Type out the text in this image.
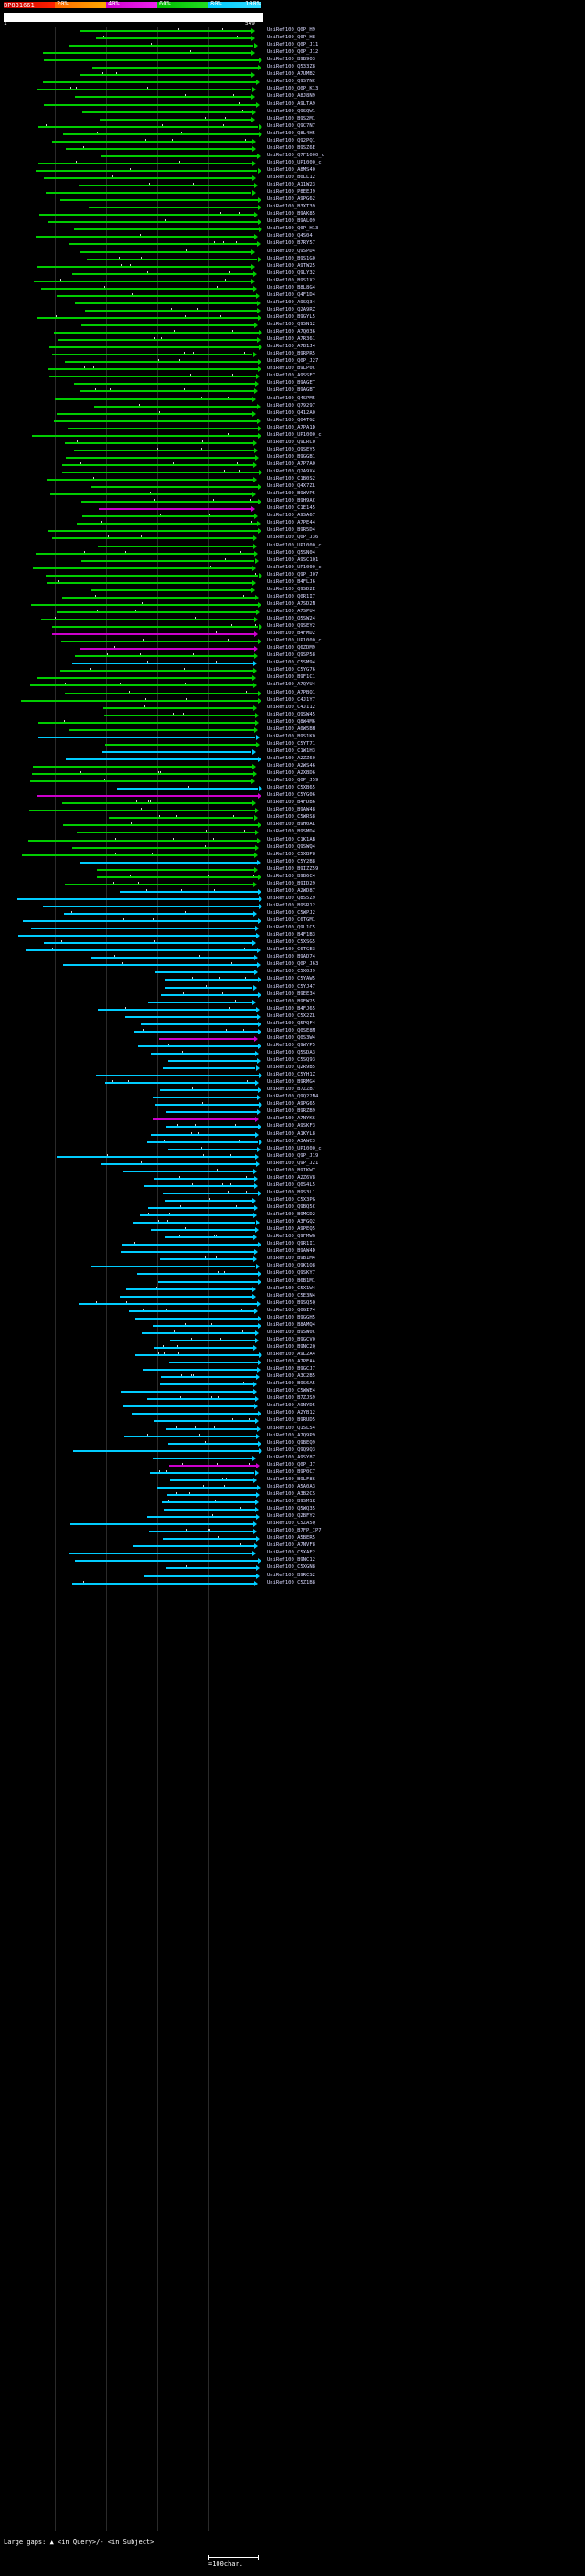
20%	40%	60%	80%	100%
BP831661
1	549
UniRef100_Q0P_H9
UniRef100_Q0P_H8
UniRef100_Q0P_J11
UniRef100_Q0P_J12
UniRef100_B9B9O3
UniRef100_Q533Z8
UniRef100_A7UMB2
UniRef100_Q9S7NC
UniRef100_Q0P_K13
UniRef100_A8J8N9
UniRef100_A9LTA9
UniRef100_Q9SQW1
UniRef100_B9S2M1
UniRef100_Q9C7N7
UniRef100_Q8L4H5
UniRef100_Q92PQ1
UniRef100_B9SZ6E
UniRef100_Q7F1000_c
UniRef100_UP1000_c
UniRef100_A8MS40
UniRef100_B0LL12
UniRef100_A11W23
UniRef100_P8EEJ9
UniRef100_A9PG62
UniRef100_B3XT39
UniRef100_B9AK85
UniRef100_B9AL09
UniRef100_Q0P_H13
UniRef100_Q4S04
UniRef100_B7RY57
UniRef100_Q9SPD4
UniRef100_B9S1G0
UniRef100_A9TW25
UniRef100_Q9LY32
UniRef100_B9S1X2
UniRef100_B8L8G4
UniRef100_Q4F1D4
UniRef100_A9SQ34
UniRef100_Q2A9RZ
UniRef100_B9GYL5
UniRef100_Q9SN12
UniRef100_A7Q036
UniRef100_A7R361
UniRef100_A7B1J4
UniRef100_B9RPR5
UniRef100_Q0P_J27
UniRef100_B9LP0C
UniRef100_A9SSE7
UniRef100_B9AGET
UniRef100_B9AGBT
UniRef100_Q4SPM5
UniRef100_Q79297
UniRef100_Q412A0
UniRef100_Q04TG2
UniRef100_A7PA1D
UniRef100_UP1000_c
UniRef100_Q9LRCO
UniRef100_Q9SEY5
UniRef100_B9GGB1
UniRef100_A7P7A0
UniRef100_Q2A9X4
UniRef100_C1B0S2
UniRef100_Q4X7ZL
UniRef100_B9WVP5
UniRef100_B9H9AC
UniRef100_C1E145
UniRef100_A9SA67
UniRef100_A7PE44
UniRef100_B9R5D4
UniRef100_Q0P_J36
UniRef100_UP1000_c
UniRef100_Q5SN04
UniRef100_A9SC1Q1
UniRef100_UP1000_c
UniRef100_Q9P_J07
UniRef100_B4FLJ6
UniRef100_Q9SD2E
UniRef100_Q0R1I7
UniRef100_A7SD2N
UniRef100_A7SPU4
UniRef100_Q5SW24
UniRef100_Q9SEY2
UniRef100_B4FMD2
UniRef100_UP1000_c
UniRef100_Q6ZDM9
UniRef100_Q9SP58
UniRef100_C5SM94
UniRef100_C5YG76
UniRef100_B9F1C1
UniRef100_A7QYU4
UniRef100_A7PBQ1
UniRef100_C4J1Y7
UniRef100_C4J112
UniRef100_Q9SW45
UniRef100_Q8W4M6
UniRef100_A0W5BH
UniRef100_B9S1K0
UniRef100_C5YT71
UniRef100_C1W1H3
UniRef100_A2ZZ60
UniRef100_A2WS46
UniRef100_A2XBD6
UniRef100_Q0P_J59
UniRef100_C5XB65
UniRef100_C5YG06
UniRef100_B4FDB6
UniRef100_B9AW48
UniRef100_C5WRS8
UniRef100_B9H0AL
UniRef100_B9SMD4
UniRef100_C1K1AB
UniRef100_Q9SWQ4
UniRef100_C5XBP8
UniRef100_C5Y2B8
UniRef100_B9IZZ59
UniRef100_B9B6C4
UniRef100_B9ID29
UniRef100_A2WD87
UniRef100_Q8S5Z9
UniRef100_B9SR12
UniRef100_C5WPJ2
UniRef100_C6TGM1
UniRef100_Q9L1C5
UniRef100_B4F1B3
UniRef100_C5XSG5
UniRef100_C6TGE3
UniRef100_B9AD74
UniRef100_Q0P_J63
UniRef100_C5X0J9
UniRef100_C5YAW5
UniRef100_C5YJ47
UniRef100_B9EE34
UniRef100_B9EW25
UniRef100_B4FJ65
UniRef100_C5X2ZL
UniRef100_Q5PQF4
UniRef100_Q0SE8M
UniRef100_Q0S3W4
UniRef100_Q9WYP5
UniRef100_Q5SDA3
UniRef100_C5SQ93
UniRef100_Q2R9B5
UniRef100_C5YH1Z
UniRef100_B9RMG4
UniRef100_B7ZZB7
UniRef100_Q9Q22N4
UniRef100_A9PG65
UniRef100_B9RZB9
UniRef100_A7NYK6
UniRef100_A9SKF3
UniRef100_A1KYL8
UniRef100_A3AWC3
UniRef100_UP1000_c
UniRef100_Q9P_J19
UniRef100_Q9P_J21
UniRef100_B9IKW7
UniRef100_A2Z6V8
UniRef100_Q0S4L5
UniRef100_B9S3L1
UniRef100_C5X3PG
UniRef100_Q9BQ5C
UniRef100_B9MGD2
UniRef100_A3FGQ2
UniRef100_A9PEQ5
UniRef100_Q9FMWG
UniRef100_Q9R1I1
UniRef100_B9AW4D
UniRef100_B9B1M4
UniRef100_Q9K1Q8
UniRef100_Q9SKY7
UniRef100_B6B1M1
UniRef100_C5X1W4
UniRef100_C5E3N4
UniRef100_B9SQ5Q
UniRef100_Q0GI74
UniRef100_B9GGH5
UniRef100_B8AMQ4
UniRef100_B9SW0C
UniRef100_B9GCV0
UniRef100_B9NC2Q
UniRef100_A9L2A4
UniRef100_A7PEAA
UniRef100_B9GCJ7
UniRef100_A3C2B5
UniRef100_B9S6A5
UniRef100_C5WWE4
UniRef100_B7ZJS9
UniRef100_A9NYD5
UniRef100_A2YB12
UniRef100_B9RUD5
UniRef100_Q1SL54
UniRef100_A7Q9P9
UniRef100_Q9BEQ9
UniRef100_Q9Q9Q3
UniRef100_A9SY8Z
UniRef100_Q0P_J7
UniRef100_B9P0C7
UniRef100_B9LF86
UniRef100_A5A0A3
UniRef100_A3B2CS
UniRef100_B9SM1K
UniRef100_Q5WQ35
UniRef100_Q2BFY2
UniRef100_C5ZA5Q
UniRef100_B7FP_IP7
UniRef100_A5BER5
UniRef100_A7NVF8
UniRef100_C5XAE2
UniRef100_B9NC12
UniRef100_C5XGN8
UniRef100_B9RCS2
UniRef100_C5Z1B8
Large gaps: ▲ <in Query>/- <in Subject>
=100char.
